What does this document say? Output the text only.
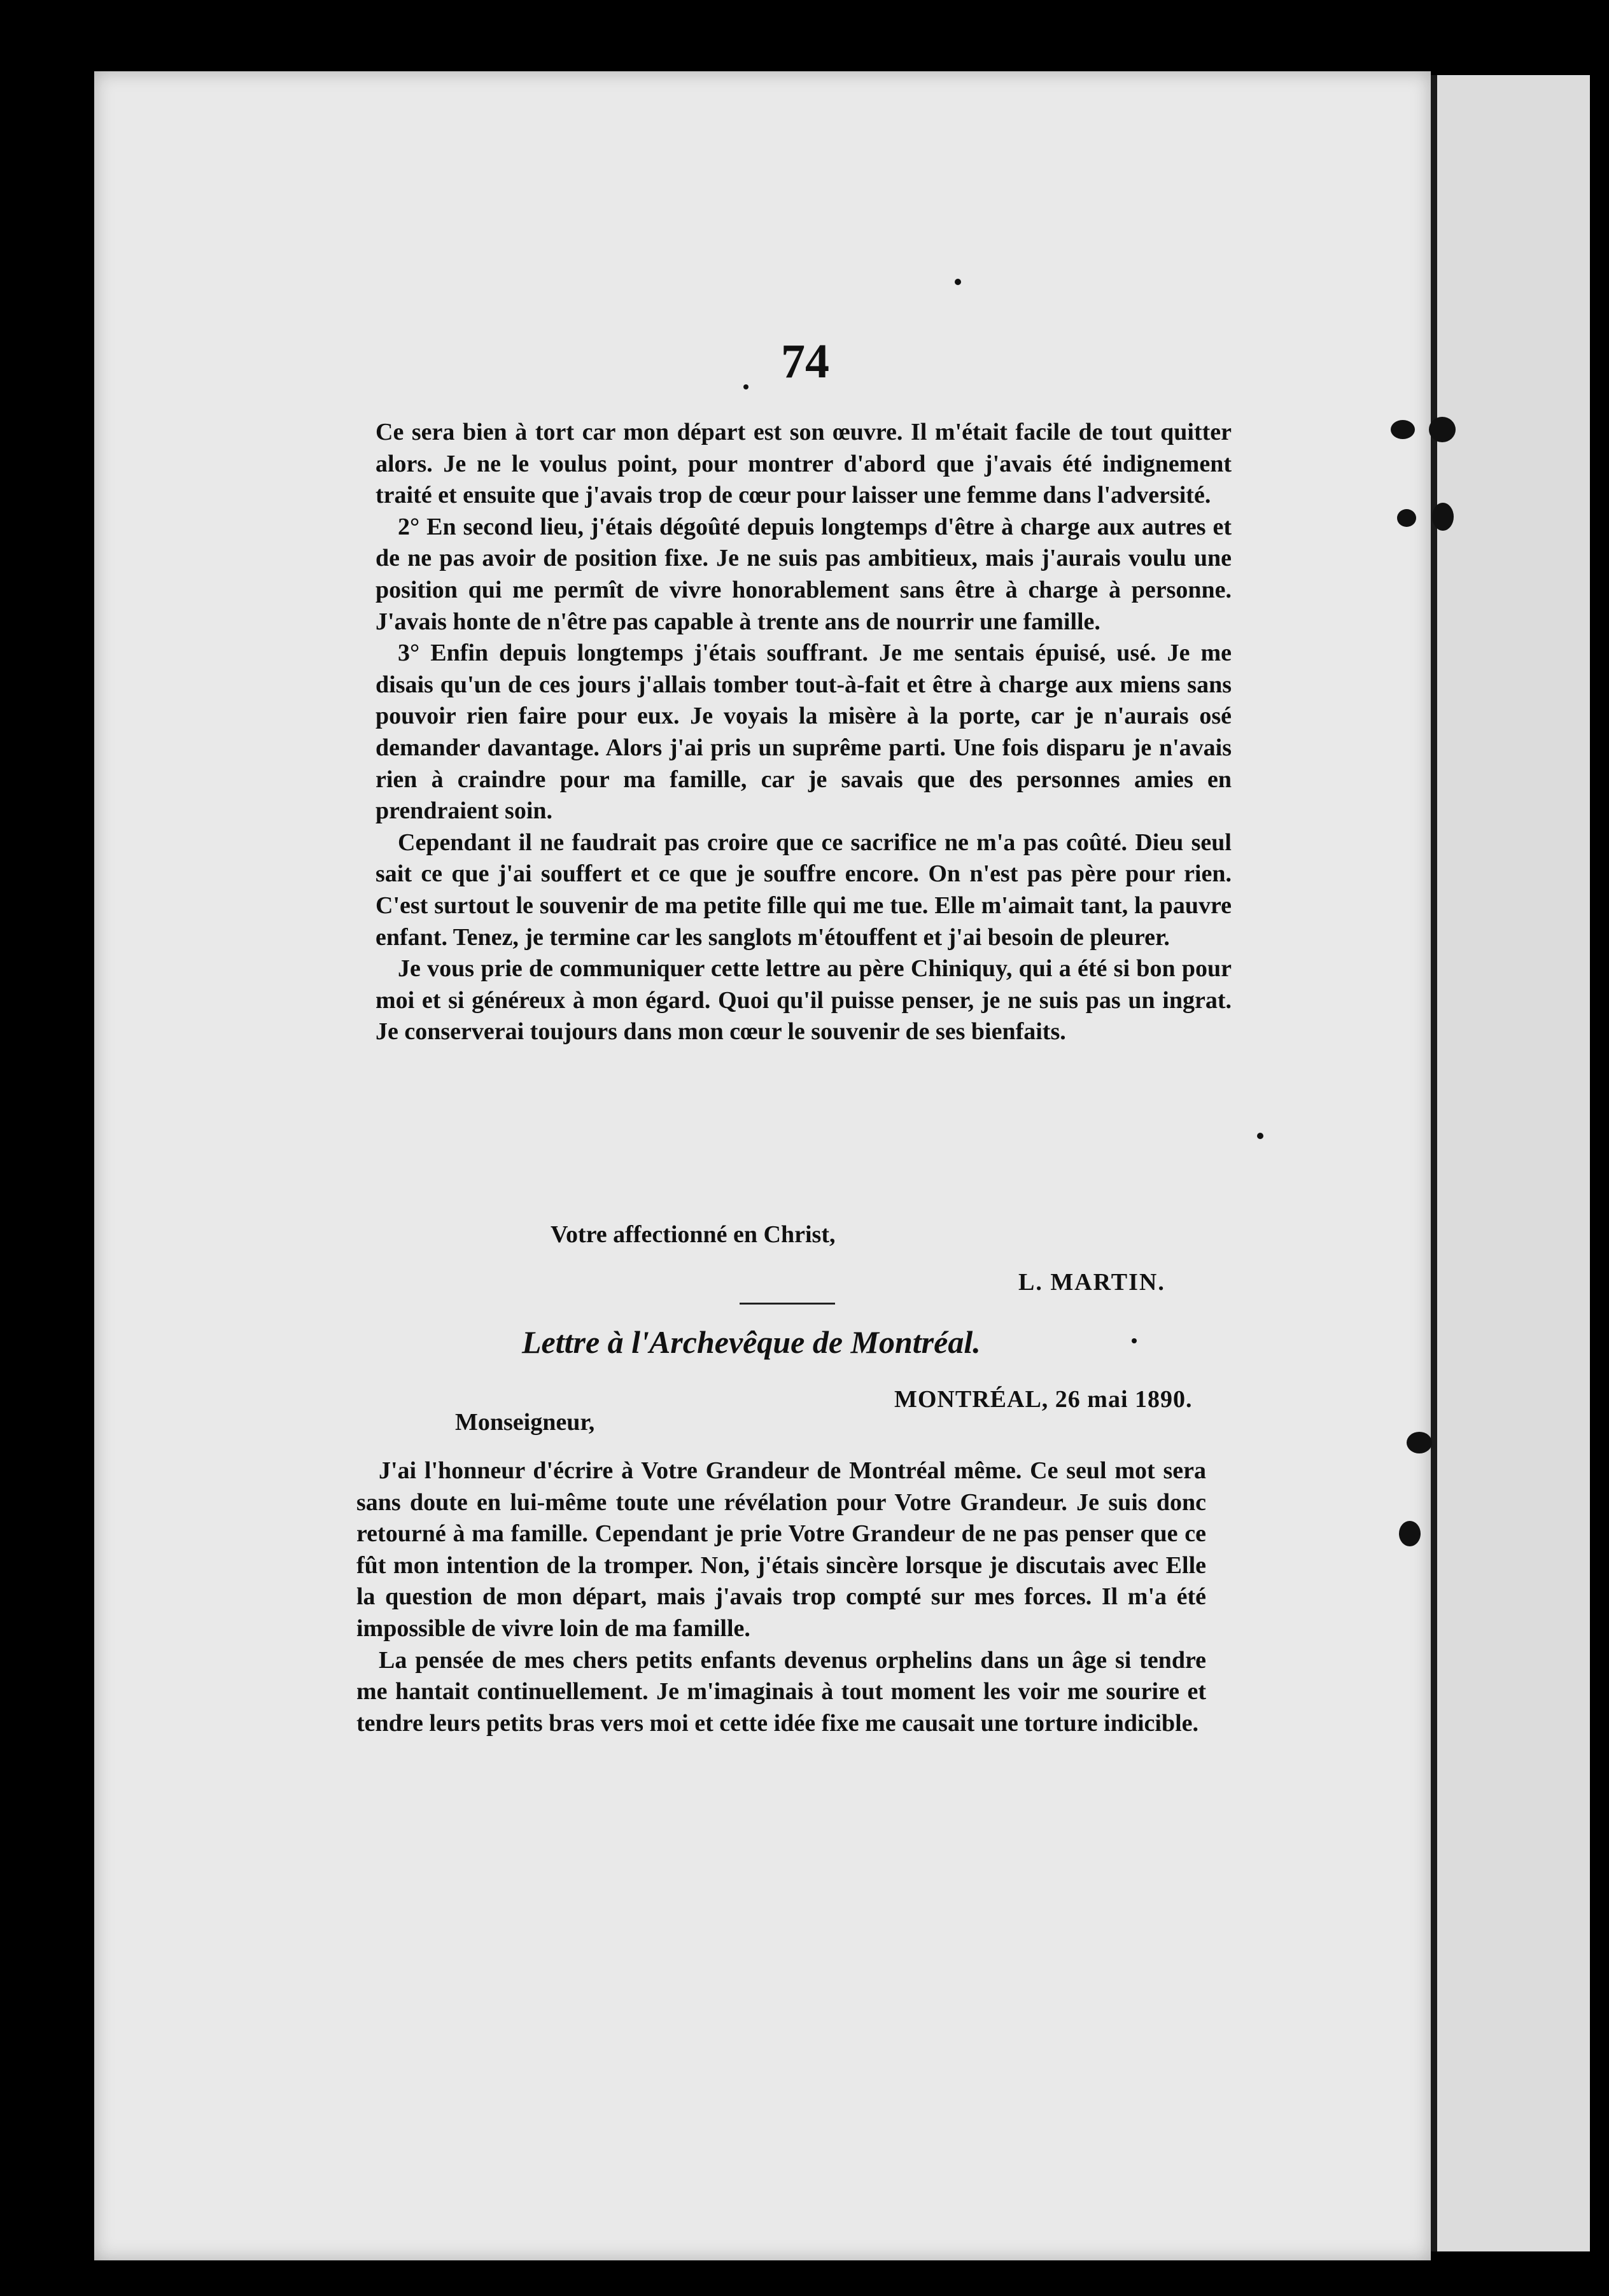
74

Ce sera bien à tort car mon départ est son œuvre. Il m'était facile de tout quitter alors. Je ne le voulus point, pour montrer d'abord que j'avais été indignement traité et ensuite que j'avais trop de cœur pour laisser une femme dans l'adversité.

2° En second lieu, j'étais dégoûté depuis longtemps d'être à charge aux autres et de ne pas avoir de position fixe. Je ne suis pas ambitieux, mais j'aurais voulu une position qui me permît de vivre honorablement sans être à charge à personne. J'avais honte de n'être pas capable à trente ans de nourrir une famille.

3° Enfin depuis longtemps j'étais souffrant. Je me sentais épuisé, usé. Je me disais qu'un de ces jours j'allais tomber tout-à-fait et être à charge aux miens sans pouvoir rien faire pour eux. Je voyais la misère à la porte, car je n'aurais osé demander davantage. Alors j'ai pris un suprême parti. Une fois disparu je n'avais rien à craindre pour ma famille, car je savais que des personnes amies en prendraient soin.

Cependant il ne faudrait pas croire que ce sacrifice ne m'a pas coûté. Dieu seul sait ce que j'ai souffert et ce que je souffre encore. On n'est pas père pour rien. C'est surtout le souvenir de ma petite fille qui me tue. Elle m'aimait tant, la pauvre enfant. Tenez, je termine car les sanglots m'étouffent et j'ai besoin de pleurer.

Je vous prie de communiquer cette lettre au père Chiniquy, qui a été si bon pour moi et si généreux à mon égard. Quoi qu'il puisse penser, je ne suis pas un ingrat. Je conserverai toujours dans mon cœur le souvenir de ses bienfaits.

Votre affectionné en Christ,
L. MARTIN.
Lettre à l'Archevêque de Montréal.
MONTRÉAL, 26 mai 1890.
Monseigneur,

J'ai l'honneur d'écrire à Votre Grandeur de Montréal même. Ce seul mot sera sans doute en lui-même toute une révélation pour Votre Grandeur. Je suis donc retourné à ma famille. Cependant je prie Votre Grandeur de ne pas penser que ce fût mon intention de la tromper. Non, j'étais sincère lorsque je discutais avec Elle la question de mon départ, mais j'avais trop compté sur mes forces. Il m'a été impossible de vivre loin de ma famille.

La pensée de mes chers petits enfants devenus orphelins dans un âge si tendre me hantait continuellement. Je m'imaginais à tout moment les voir me sourire et tendre leurs petits bras vers moi et cette idée fixe me causait une torture indicible.
